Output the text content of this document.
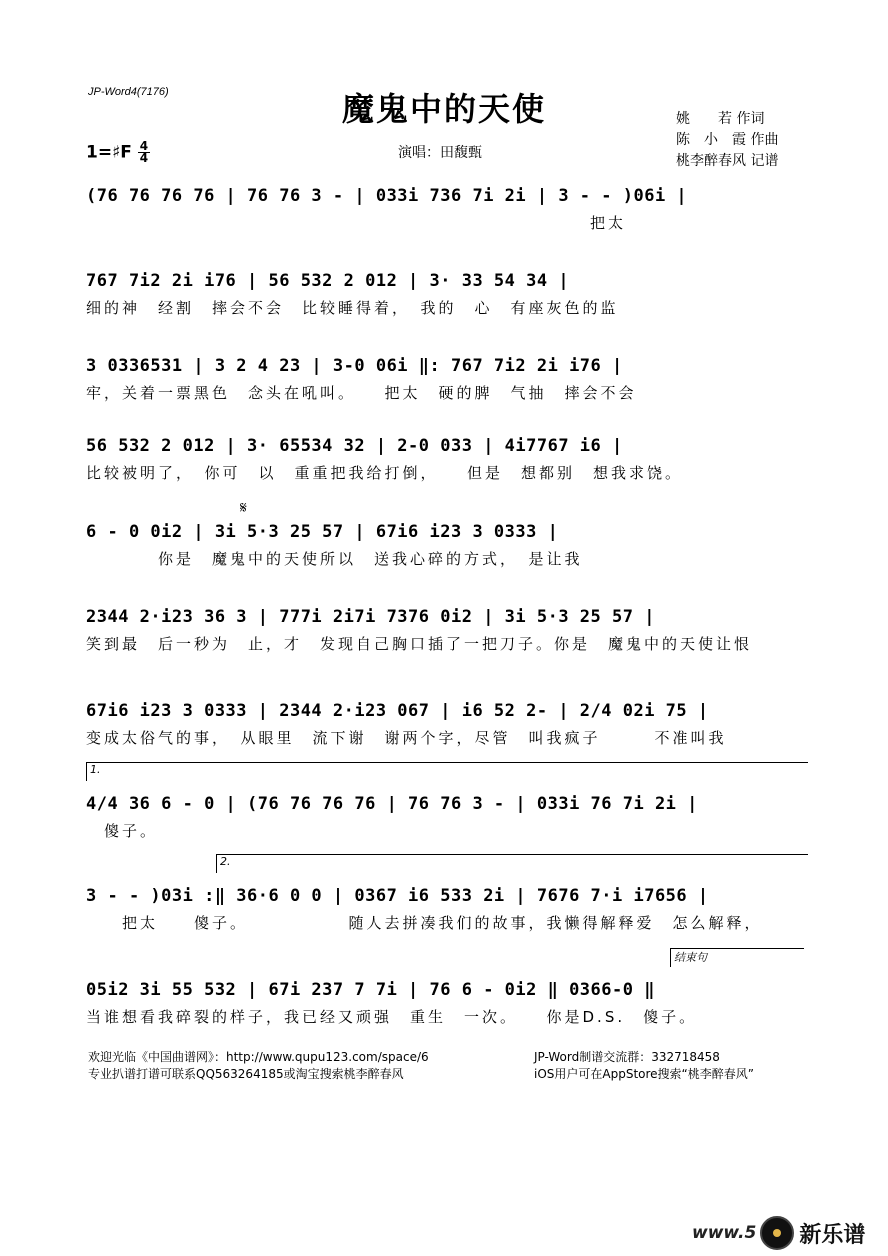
JP-Word4(7176)	魔鬼中的天使	姚　　若 作词
陈　小　霞 作曲
桃李醉春风 记谱
1=♯F $\frac{4}{4}$	演唱：田馥甄
(76 76 76 76 | 76 76 3 - | 033i 736 7i 2i | 3 - - )06i |
　　　　　　　　　　　　　　　　　　　　　　　　　　　　把太
767 7i2 2i i76 | 56 532 2 012 | 3· 33 54 34 |
细的神　经割　摔会不会　比较睡得着，　我的　心　有座灰色的监
3 0336531 | 3 2 4 23 | 3-0 06i ‖: 767 7i2 2i i76 |
牢，关着一票黑色　念头在吼叫。　　把太　硬的脾　气抽　摔会不会
56 532 2 012 | 3· 65534 32 | 2-0 033 | 4i7767 i6 |
比较被明了，　你可　以　重重把我给打倒，　　但是　想都别　想我求饶。
𝄋
6 - 0 0i2 | 3i 5·3 25 57 | 67i6 i23 3 0333 |
　　　　你是　魔鬼中的天使所以　送我心碎的方式，　是让我
2344 2·i23 36 3 | 777i 2i7i 7376 0i2 | 3i 5·3 25 57 |
笑到最　后一秒为　止，才　发现自己胸口插了一把刀子。你是　魔鬼中的天使让恨
67i6 i23 3 0333 | 2344 2·i23 067 | i6 52 2- | 2/4 02i 75 |
变成太俗气的事，　从眼里　流下谢　谢两个字，尽管　叫我疯子　　　不准叫我
1.
4/4 36 6 - 0 | (76 76 76 76 | 76 76 3 - | 033i 76 7i 2i |
　傻子。
2.
3 - - )03i :‖ 36·6 0 0 | 0367 i6 533 2i | 7676 7·i i7656 |
　　把太　　傻子。　　　　　　随人去拼凑我们的故事，我懒得解释爱　怎么解释，
结束句
05i2 3i 55 532 | 67i 237 7 7i | 76 6 - 0i2 ‖ 0366-0 ‖
当谁想看我碎裂的样子，我已经又顽强　重生　一次。　　你是D.S.　傻子。
欢迎光临《中国曲谱网》：http://www.qupu123.com/space/6
专业扒谱打谱可联系QQ563264185或淘宝搜索桃李醉春风
JP-Word制谱交流群：332718458
iOS用户可在AppStore搜索“桃李醉春风”
www.5 新乐谱
